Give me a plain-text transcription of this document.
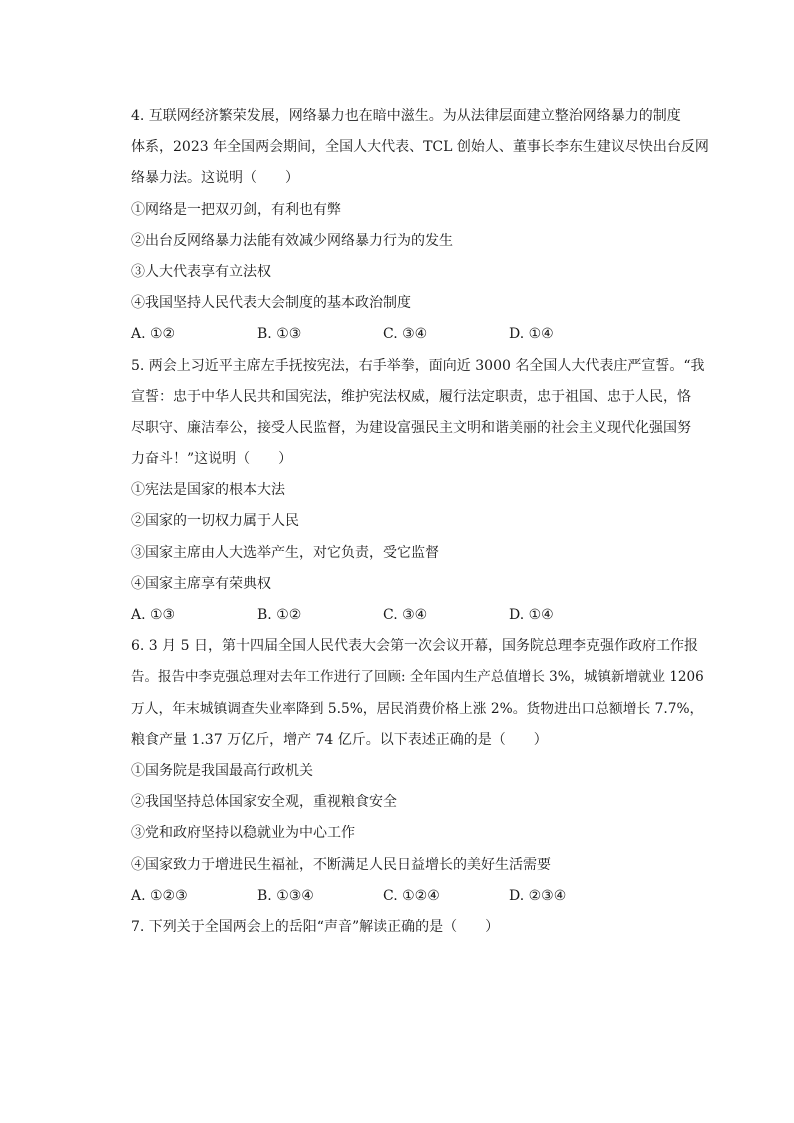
4. 互联网经济繁荣发展，网络暴力也在暗中滋生。为从法律层面建立整治网络暴力的制度
体系，2023 年全国两会期间，全国人大代表、TCL 创始人、董事长李东生建议尽快出台反网
络暴力法。这说明（　　）
①网络是一把双刃剑，有利也有弊
②出台反网络暴力法能有效减少网络暴力行为的发生
③人大代表享有立法权
④我国坚持人民代表大会制度的基本政治制度
A. ①②	B. ①③	C. ③④	D. ①④
5. 两会上习近平主席左手抚按宪法，右手举拳，面向近 3000 名全国人大代表庄严宣誓。“我
宣誓：忠于中华人民共和国宪法，维护宪法权威，履行法定职责，忠于祖国、忠于人民，恪
尽职守、廉洁奉公，接受人民监督，为建设富强民主文明和谐美丽的社会主义现代化强国努
力奋斗！”这说明（　　）
①宪法是国家的根本大法
②国家的一切权力属于人民
③国家主席由人大选举产生，对它负责，受它监督
④国家主席享有荣典权
A. ①③	B. ①②	C. ③④	D. ①④
6. 3 月 5 日，第十四届全国人民代表大会第一次会议开幕，国务院总理李克强作政府工作报
告。报告中李克强总理对去年工作进行了回顾: 全年国内生产总值增长 3%，城镇新增就业 1206
万人，年末城镇调查失业率降到 5.5%，居民消费价格上涨 2%。货物进出口总额增长 7.7%，
粮食产量 1.37 万亿斤，增产 74 亿斤。以下表述正确的是（　　）
①国务院是我国最高行政机关
②我国坚持总体国家安全观，重视粮食安全
③党和政府坚持以稳就业为中心工作
④国家致力于增进民生福祉，不断满足人民日益增长的美好生活需要
A. ①②③	B. ①③④	C. ①②④	D. ②③④
7. 下列关于全国两会上的岳阳“声音”解读正确的是（　　）
